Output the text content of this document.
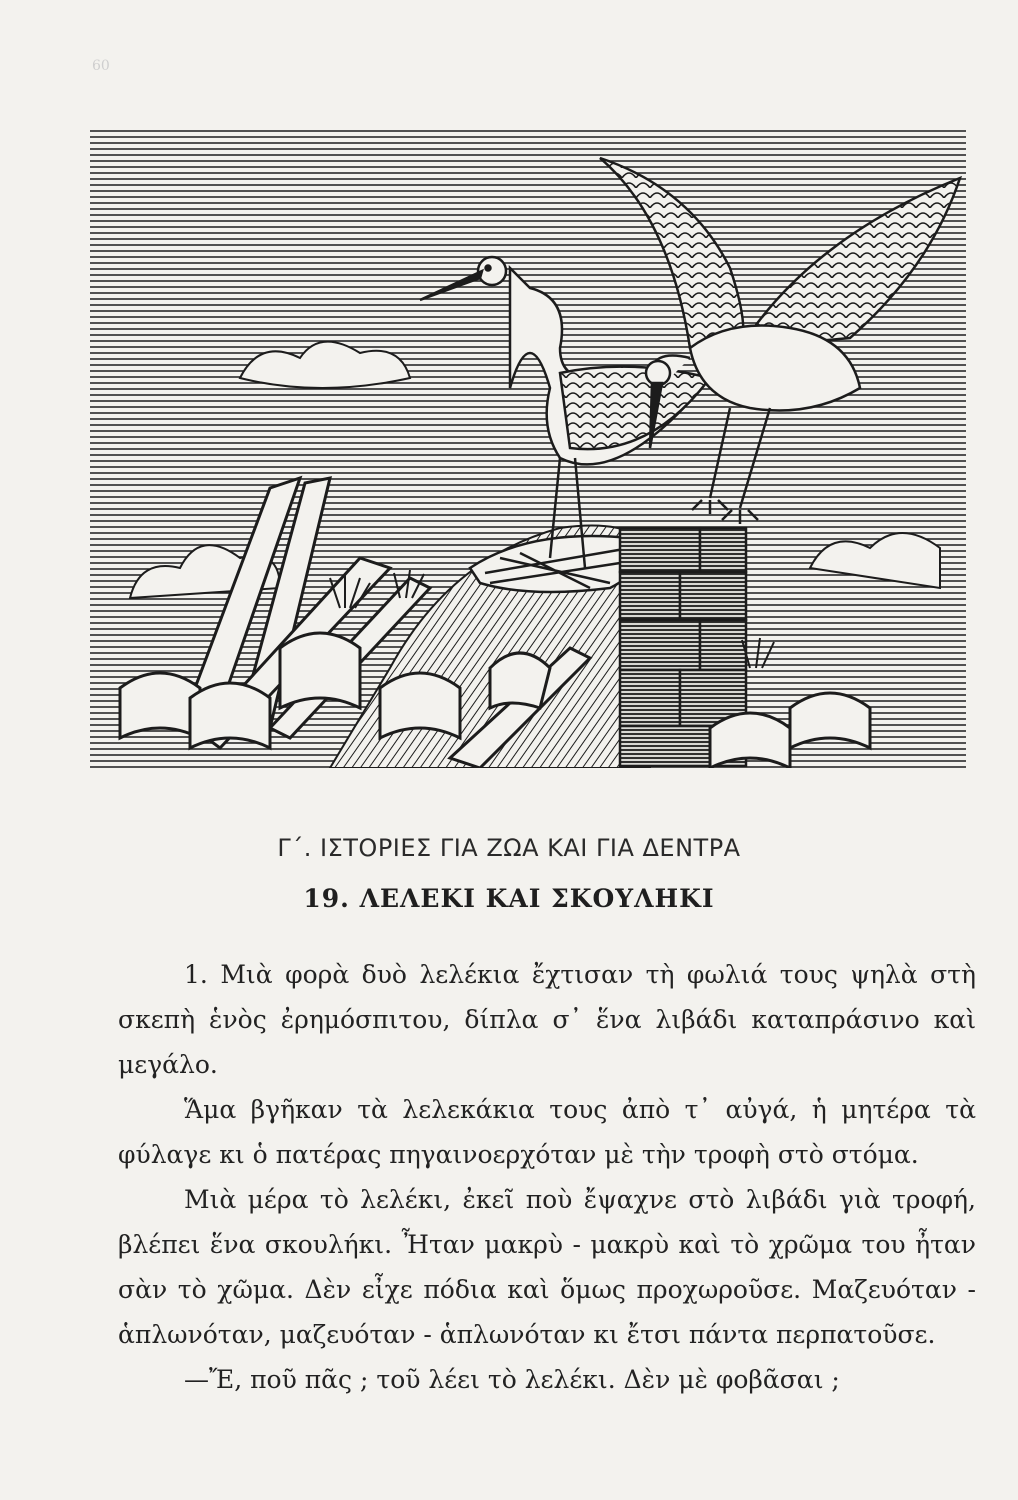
60
Γ΄. ΙΣΤΟΡΙΕΣ ΓΙΑ ΖΩΑ ΚΑΙ ΓΙΑ ΔΕΝΤΡΑ
19. ΛΕΛΕΚΙ ΚΑΙ ΣΚΟΥΛΗΚΙ

1. Μιὰ φορὰ δυὸ λελέκια ἔχτισαν τὴ φωλιά τους ψηλὰ στὴ σκεπὴ ἑνὸς ἐρημόσπιτου, δίπλα σ᾿ ἕνα λιβάδι καταπράσινο καὶ μεγάλο.

Ἅμα βγῆκαν τὰ λελεκάκια τους ἀπὸ τ᾿ αὐγά, ἡ μητέρα τὰ φύλαγε κι ὁ πατέρας πηγαινοερχόταν μὲ τὴν τροφὴ στὸ στόμα.

Μιὰ μέρα τὸ λελέκι, ἐκεῖ ποὺ ἔψαχνε στὸ λιβάδι γιὰ τροφή, βλέπει ἕνα σκουλήκι. Ἦταν μακρὺ - μακρὺ καὶ τὸ χρῶμα του ἦταν σὰν τὸ χῶμα. Δὲν εἶχε πόδια καὶ ὅμως προχωροῦσε. Μαζευόταν - ἁπλωνόταν, μαζευόταν - ἁπλωνόταν κι ἔτσι πάντα περπατοῦσε.

—Ἔ, ποῦ πᾶς ; τοῦ λέει τὸ λελέκι. Δὲν μὲ φοβᾶσαι ;
